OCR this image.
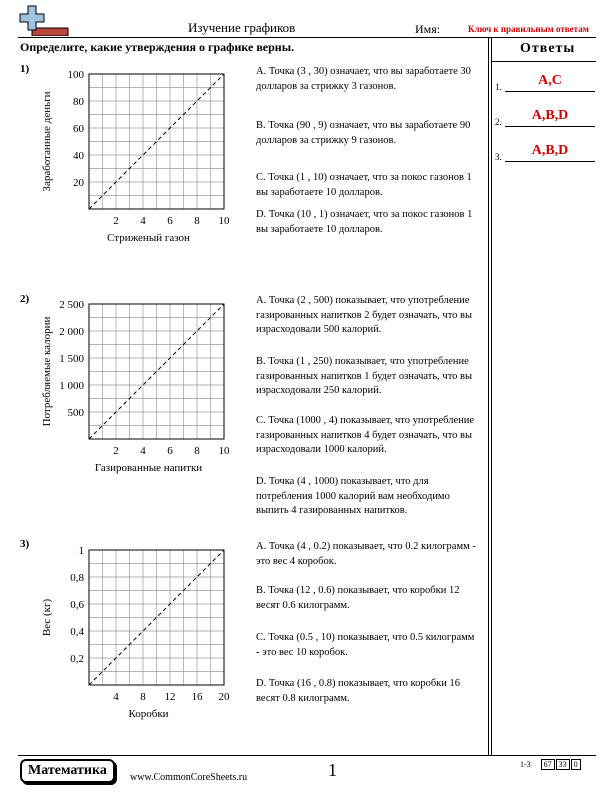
Изучение графиков	Имя:	Ключ к правильным ответам
Определите, какие утверждения о графике верны.	Ответы
1.	A,C
2.	A,B,D
3.	A,B,D
1)
2 4 6 8 10
20
40
60
80
100
Стриженый газон
Заработанные деньги
A. Точка (3 , 30) означает, что вы заработаете 30 долларов за стрижку 3 газонов.
B. Точка (90 , 9) означает, что вы заработаете 90 долларов за стрижку 9 газонов.
C. Точка (1 , 10) означает, что за покос газонов 1 вы заработаете 10 долларов.
D. Точка (10 , 1) означает, что за покос газонов 1 вы заработаете 10 долларов.
2)
2 4 6 8 10
500
1 000
1 500
2 000
2 500
Газированные напитки
Потребляемые калории
A. Точка (2 , 500) показывает, что употребление газированных напитков 2 будет означать, что вы израсходовали 500 калорий.
B. Точка (1 , 250) показывает, что употребление газированных напитков 1 будет означать, что вы израсходовали 250 калорий.
C. Точка (1000 , 4) показывает, что употребление газированных напитков 4 будет означать, что вы израсходовали 1000 калорий.
D. Точка (4 , 1000) показывает, что для потребления 1000 калорий вам необходимо выпить 4 газированных напитков.
3)
4 8 12 16 20
0,2
0,4
0,6
0,8
1
Коробки
Вес (кг)
A. Точка (4 , 0.2) показывает, что 0.2 килограмм - это вес 4 коробок.
B. Точка (12 , 0.6) показывает, что коробки 12 весят 0.6 килограмм.
C. Точка (0.5 , 10) показывает, что 0.5 килограмм - это вес 10 коробок.
D. Точка (16 , 0.8) показывает, что коробки 16 весят 0.8 килограмм.
Математика	www.CommonCoreSheets.ru	1	1-3 67 33 0
